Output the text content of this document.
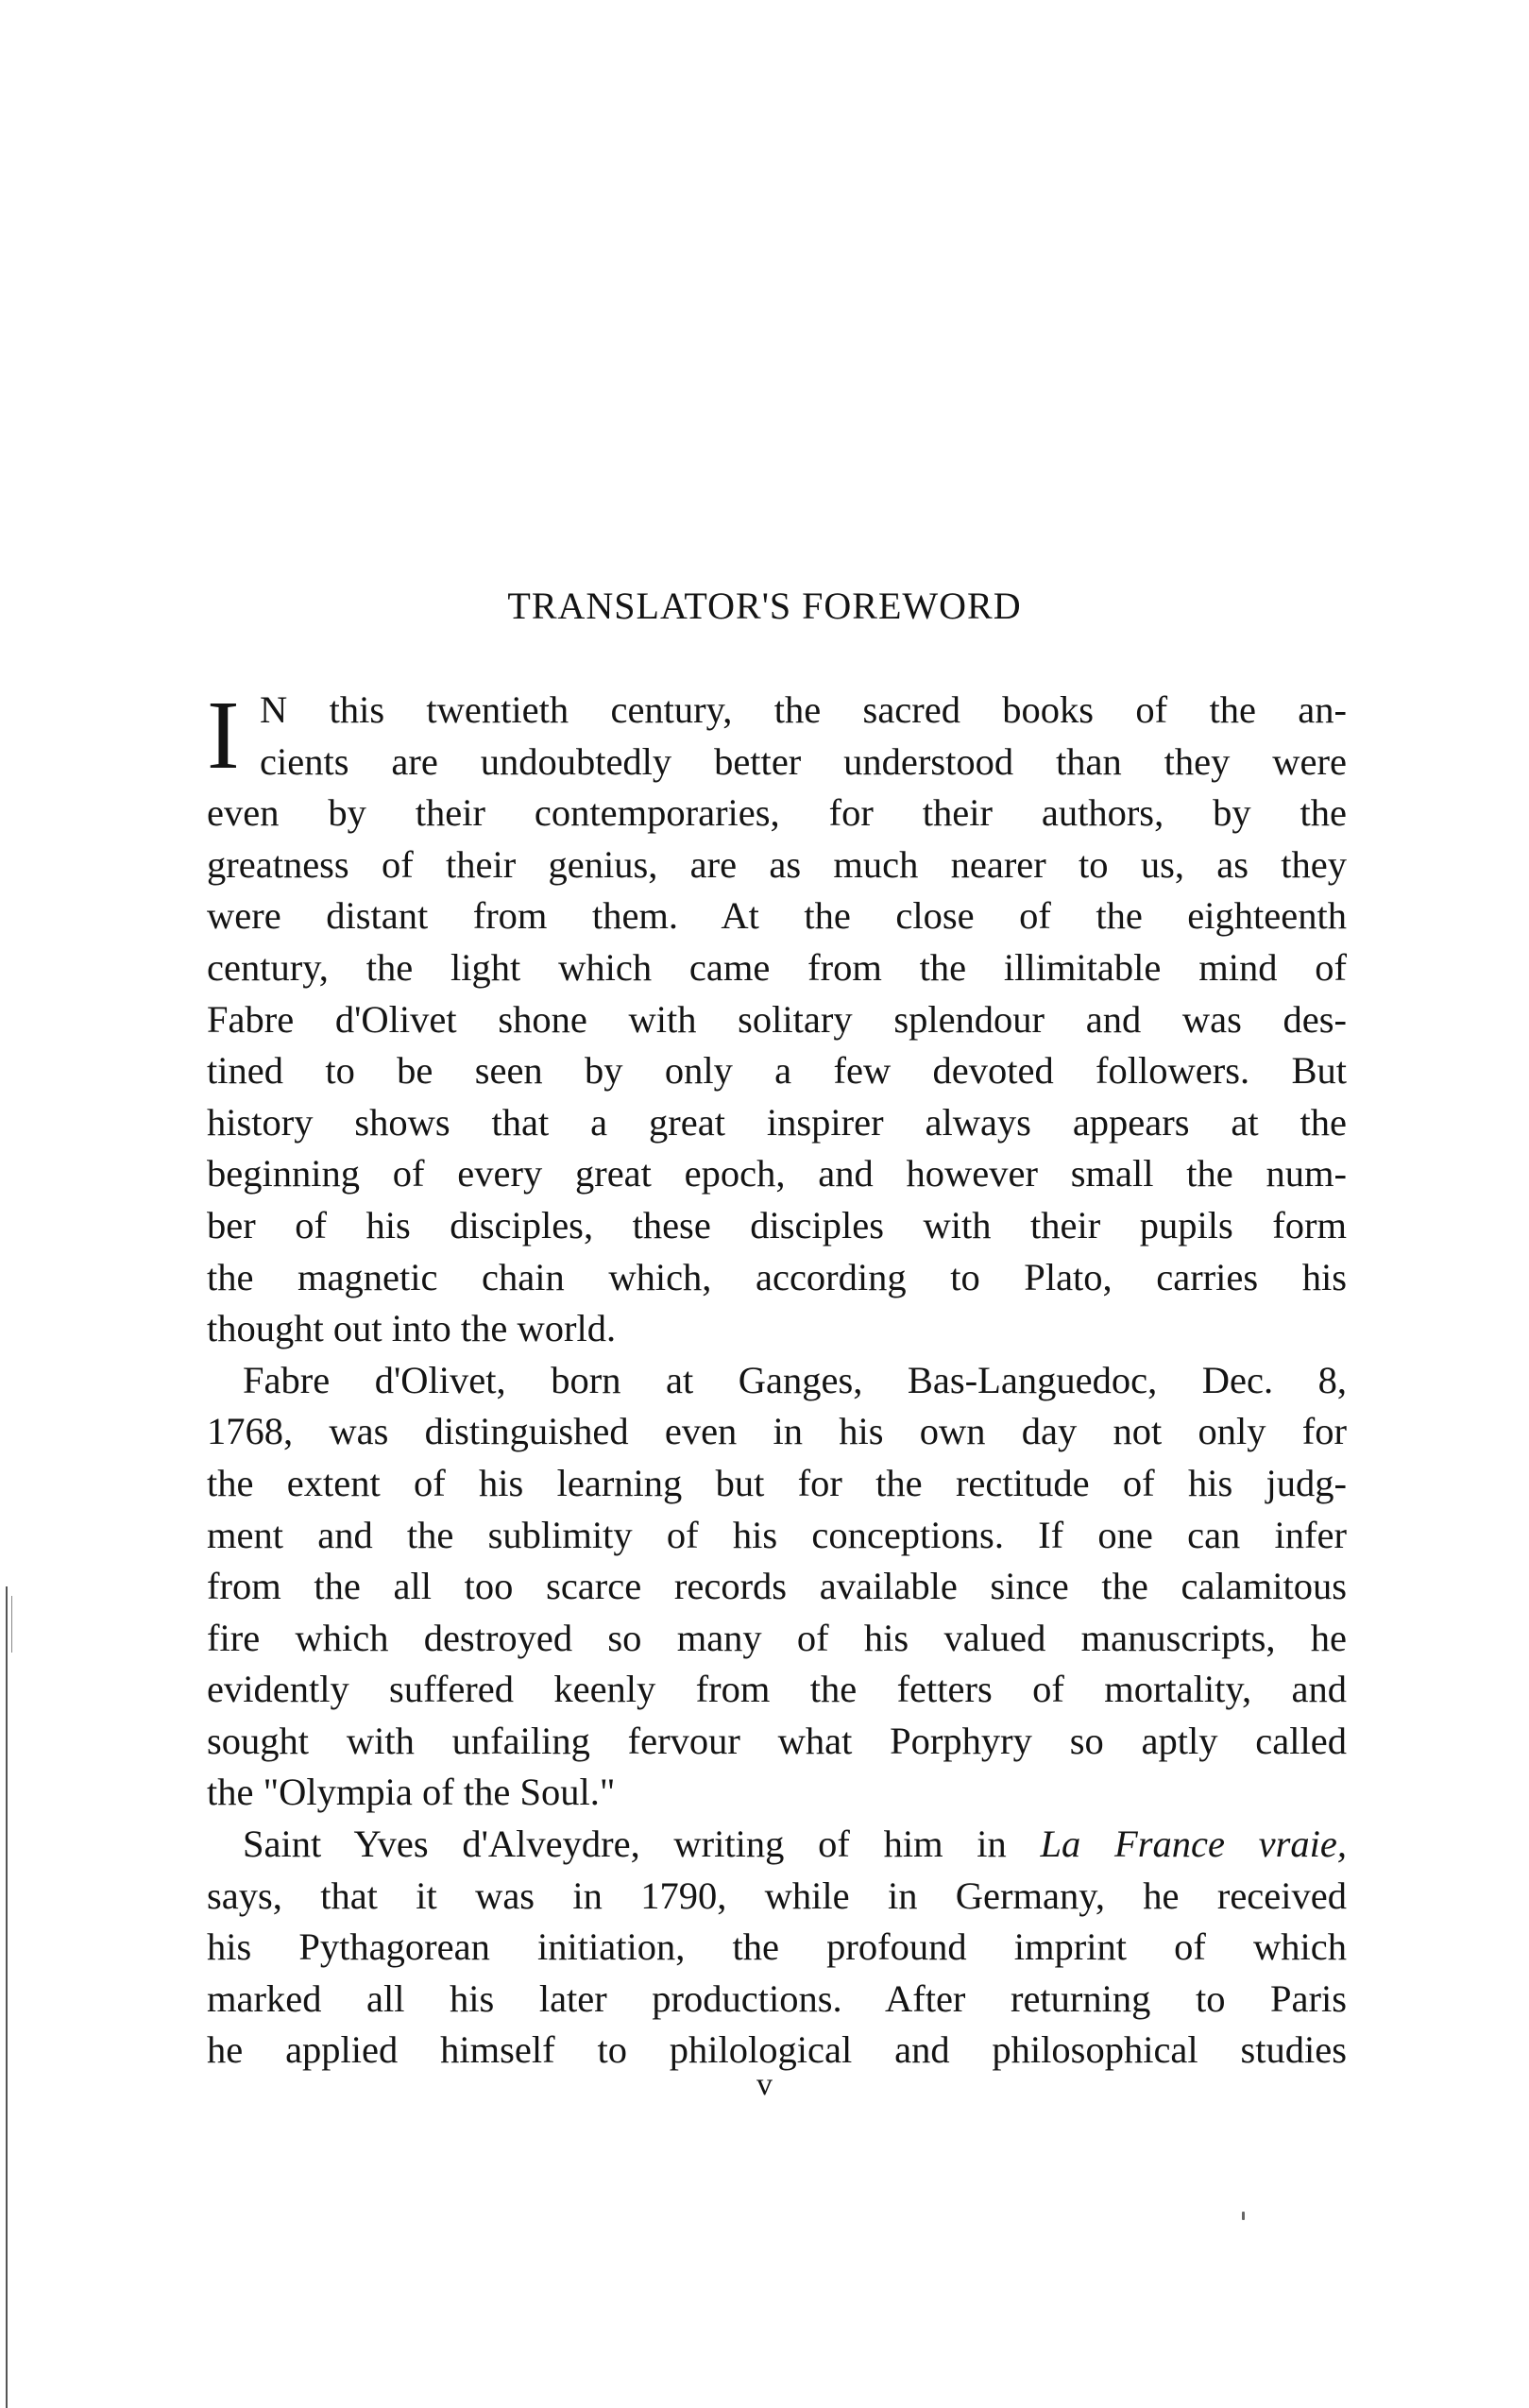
TRANSLATOR'S FOREWORD
I N this twentieth century, the sacred books of the an-
cients are undoubtedly better understood than they were
even by their contemporaries, for their authors, by the
greatness of their genius, are as much nearer to us, as they
were distant from them. At the close of the eighteenth
century, the light which came from the illimitable mind of
Fabre d'Olivet shone with solitary splendour and was des-
tined to be seen by only a few devoted followers. But
history shows that a great inspirer always appears at the
beginning of every great epoch, and however small the num-
ber of his disciples, these disciples with their pupils form
the magnetic chain which, according to Plato, carries his
thought out into the world.
Fabre d'Olivet, born at Ganges, Bas-Languedoc, Dec. 8,
1768, was distinguished even in his own day not only for
the extent of his learning but for the rectitude of his judg-
ment and the sublimity of his conceptions. If one can infer
from the all too scarce records available since the calamitous
fire which destroyed so many of his valued manuscripts, he
evidently suffered keenly from the fetters of mortality, and
sought with unfailing fervour what Porphyry so aptly called
the "Olympia of the Soul."
Saint Yves d'Alveydre, writing of him in La France vraie,
says, that it was in 1790, while in Germany, he received
his Pythagorean initiation, the profound imprint of which
marked all his later productions. After returning to Paris
he applied himself to philological and philosophical studies
v
